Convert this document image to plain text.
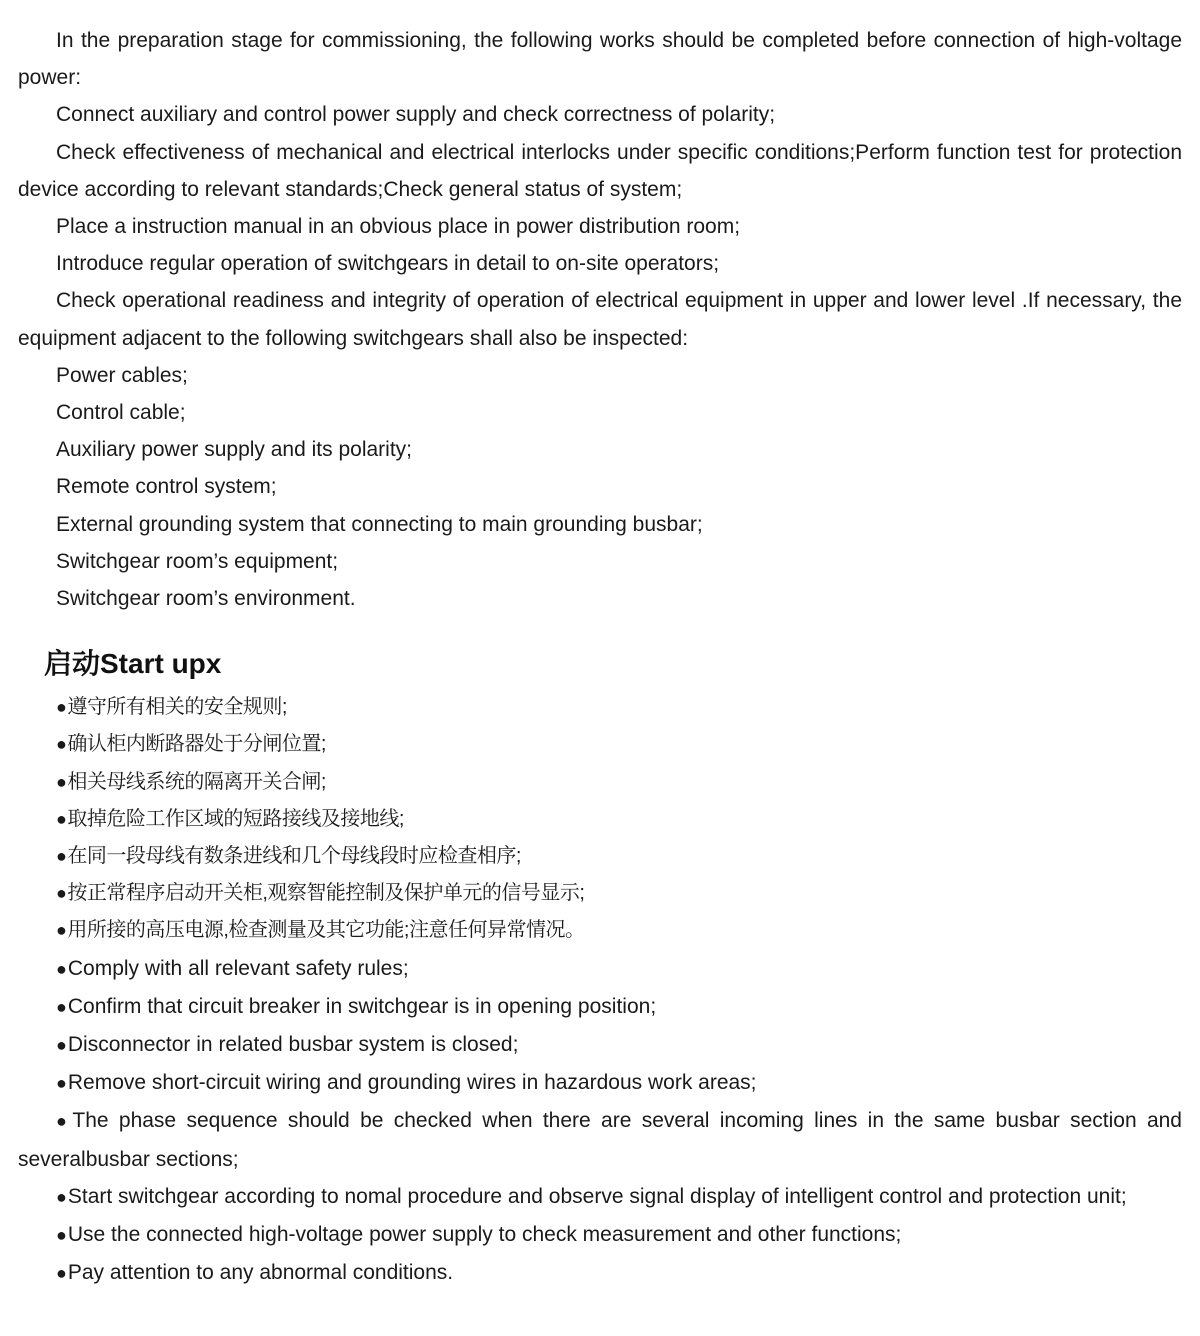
In the preparation stage for commissioning, the following works should be completed before connection of high-voltage power:

Connect auxiliary and control power supply and check correctness of polarity;

Check effectiveness of mechanical and electrical interlocks under specific conditions;Perform function test for protection device according to relevant standards;Check general status of system;

Place a instruction manual in an obvious place in power distribution room;

Introduce regular operation of switchgears in detail to on-site operators;

Check operational readiness and integrity of operation of electrical equipment in upper and lower level .If necessary, the equipment adjacent to the following switchgears shall also be inspected:

Power cables;

Control cable;

Auxiliary power supply and its polarity;

Remote control system;

External grounding system that connecting to main grounding busbar;

Switchgear room’s equipment;

Switchgear room’s environment.

启动Start upx

●遵守所有相关的安全规则;

●确认柜内断路器处于分闸位置;

●相关母线系统的隔离开关合闸;

●取掉危险工作区域的短路接线及接地线;

●在同一段母线有数条进线和几个母线段时应检查相序;

●按正常程序启动开关柜,观察智能控制及保护单元的信号显示;

●用所接的高压电源,检查测量及其它功能;注意任何异常情况。

●Comply with all relevant safety rules;

●Confirm that circuit breaker in switchgear is in opening position;

●Disconnector in related busbar system is closed;

●Remove short-circuit wiring and grounding wires in hazardous work areas;

●The phase sequence should be checked when there are several incoming lines in the same busbar section and severalbusbar sections;

●Start switchgear according to nomal procedure and observe signal display of intelligent control and protection unit;

●Use the connected high-voltage power supply to check measurement and other functions;

●Pay attention to any abnormal conditions.
